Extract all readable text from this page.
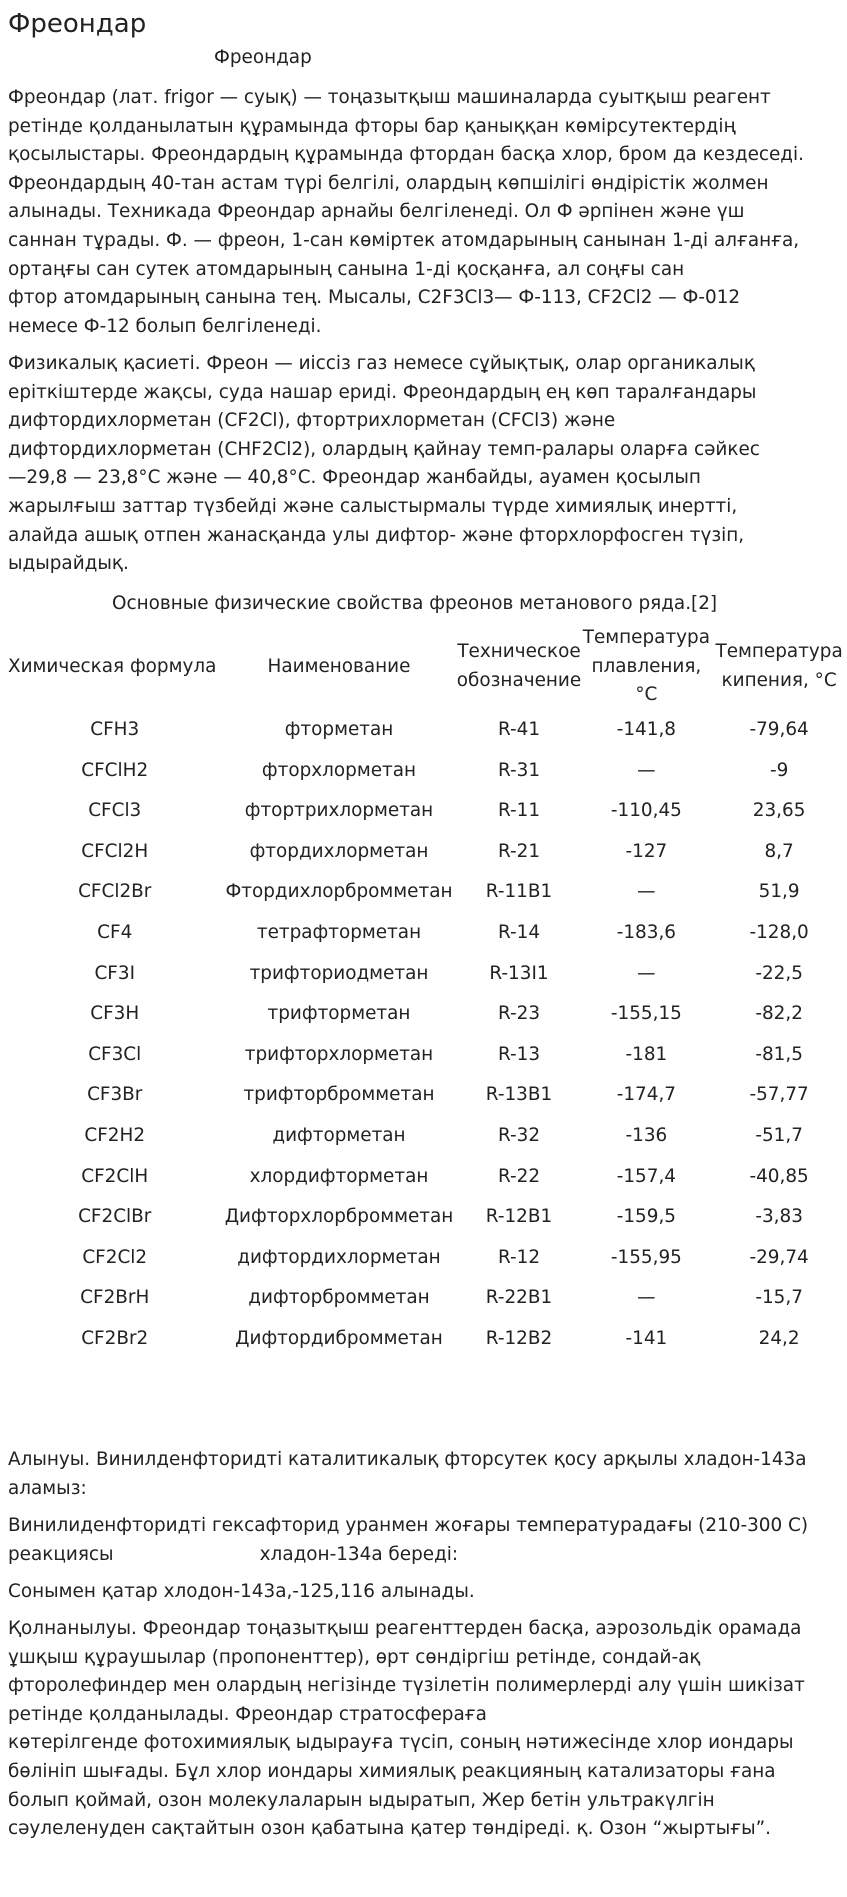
Фреондар
Фреондар
Фреондар (лат. frigor — суық) — тоңазытқыш машиналарда суытқыш реагент
ретінде қолданылатын құрамында фторы бар қаныққан көмірсутектердің
қосылыстары. Фреондардың құрамында фтордан басқа хлор, бром да кездеседі.
Фреондардың 40-тан астам түрі белгілі, олардың көпшілігі өндірістік жолмен
алынады. Техникада Фреондар арнайы белгіленеді. Ол Ф әрпінен және үш
саннан тұрады. Ф. — фреон, 1-сан көміртек атомдарының санынан 1-ді алғанға,
ортаңғы сан сутек атомдарының санына 1-ді қосқанға, ал соңғы сан
фтор атомдарының санына тең. Мысалы, C2F3Cl3— Ф-113, CF2Cl2 — Ф-012
немесе Ф-12 болып белгіленеді.
Физикалық қасиеті. Фреон — иіссіз газ немесе сұйықтық, олар органикалық
еріткіштерде жақсы, суда нашар ериді. Фреондардың ең көп таралғандары
дифтордихлорметан (CF2Cl), фтортрихлорметан (CFCl3) және
дифтордихлорметан (CHF2Cl2), олардың қайнау темп-ралары оларға сәйкес
—29,8 — 23,8°С және — 40,8°С. Фреондар жанбайды, ауамен қосылып
жарылғыш заттар түзбейді және салыстырмалы түрде химиялық инертті,
алайда ашық отпен жанасқанда улы дифтор- және фторхлорфосген түзіп,
ыдырайдық.
Основные физические свойства фреонов метанового ряда.[2]
Химическая формула	Наименование	Техническое обозначение	Температура плавления, °C	Температура кипения, °C
CFH3	фторметан	R-41	-141,8	-79,64
CFClH2	фторхлорметан	R-31	—	-9
CFCl3	фтортрихлорметан	R-11	-110,45	23,65
CFCl2H	фтордихлорметан	R-21	-127	8,7
CFCl2Br	Фтордихлорбромметан	R-11B1	—	51,9
CF4	тетрафторметан	R-14	-183,6	-128,0
CF3I	трифториодметан	R-13I1	—	-22,5
CF3H	трифторметан	R-23	-155,15	-82,2
CF3Cl	трифторхлорметан	R-13	-181	-81,5
CF3Br	трифторбромметан	R-13B1	-174,7	-57,77
CF2H2	дифторметан	R-32	-136	-51,7
CF2ClH	хлордифторметан	R-22	-157,4	-40,85
CF2ClBr	Дифторхлорбромметан	R-12B1	-159,5	-3,83
CF2Cl2	дифтордихлорметан	R-12	-155,95	-29,74
CF2BrH	дифторбромметан	R-22B1	—	-15,7
CF2Br2	Дифтордибромметан	R-12B2	-141	24,2
Алынуы. Винилденфторидті каталитикалық фторсутек қосу арқылы хладон-143а
аламыз:
Винилиденфторидті гексафторид уранмен жоғары температурадағы (210-300 С)
реакциясы                         хладон-134а береді:
Сонымен қатар хлодон-143а,-125,116 алынады.
Қолнанылуы. Фреондар тоңазытқыш реагенттерден басқа, аэрозольдік орамада
ұшқыш құраушылар (пропоненттер), өрт сөндіргіш ретінде, сондай-ақ
фторолефиндер мен олардың негізінде түзілетін полимерлерді алу үшін шикізат
ретінде қолданылады. Фреондар стратосфераға
көтерілгенде фотохимиялық ыдырауға түсіп, соның нәтижесінде хлор иондары
бөлініп шығады. Бұл хлор иондары химиялық реакцияның катализаторы ғана
болып қоймай, озон молекулаларын ыдыратып, Жер бетін ультракүлгін
сәулеленуден сақтайтын озон қабатына қатер төндіреді. қ. Озон “жыртығы”.
